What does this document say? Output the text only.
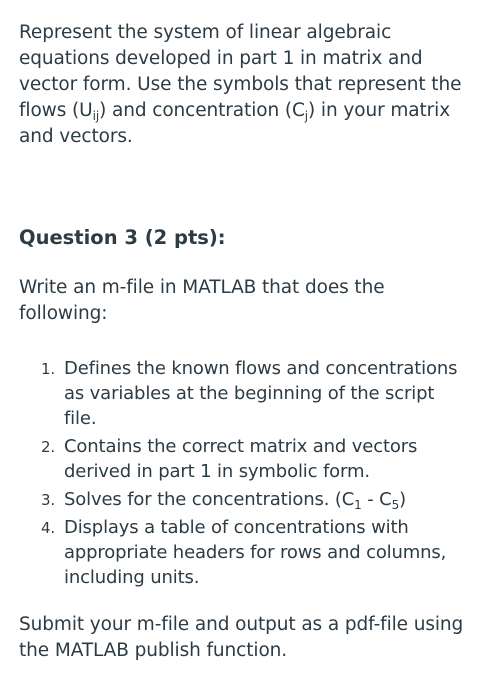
Represent the system of linear algebraic equations developed in part 1 in matrix and vector form. Use the symbols that represent the flows $(U_{ij})$ and concentration $(C_j)$ in your matrix and vectors.

Question 3 (2 pts):

Write an m-file in MATLAB that does the following:

1. Defines the known flows and concentrations as variables at the beginning of the script file.
2. Contains the correct matrix and vectors derived in part 1 in symbolic form.
3. Solves for the concentrations. $(C_1 - C_5)$
4. Displays a table of concentrations with appropriate headers for rows and columns, including units.

Submit your m-file and output as a pdf-file using the MATLAB publish function.
